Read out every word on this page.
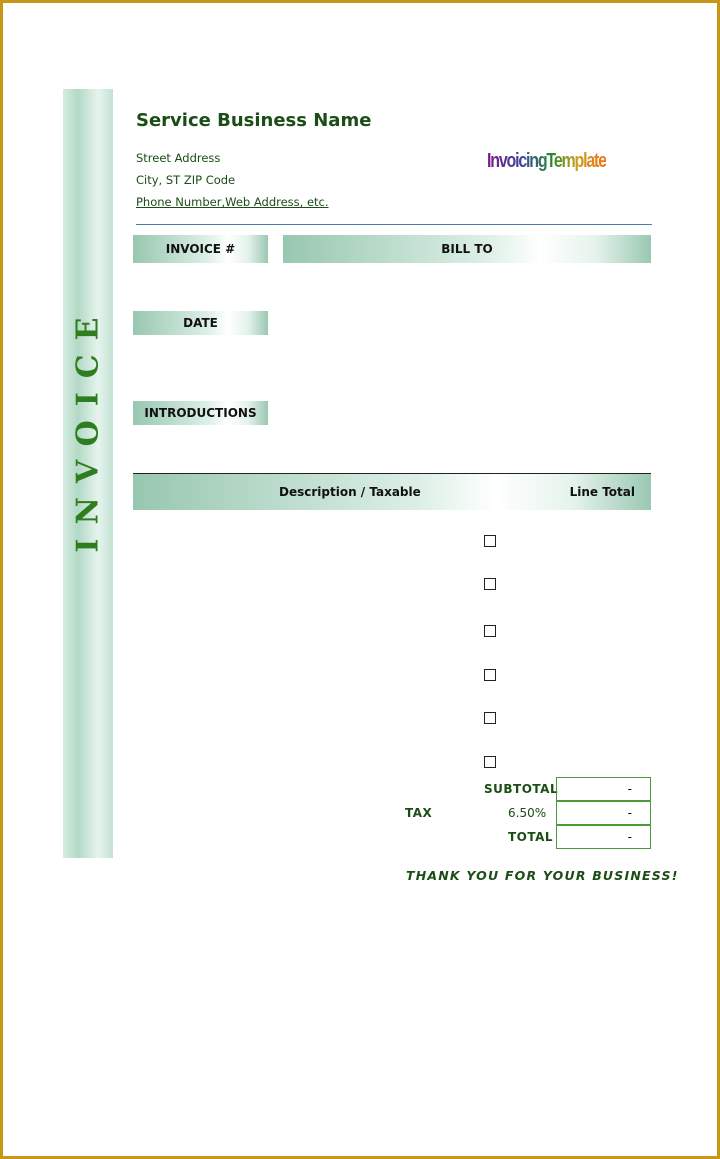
INVOICE
Service Business Name
Street Address
City, ST ZIP Code
Phone Number,Web Address, etc.
InvoicingTemplate
INVOICE #	BILL TO
DATE
INTRODUCTIONS
Description / Taxable	Line Total
SUBTOTAL	-
TAX	6.50%	-
TOTAL	-
THANK YOU FOR YOUR BUSINESS!
